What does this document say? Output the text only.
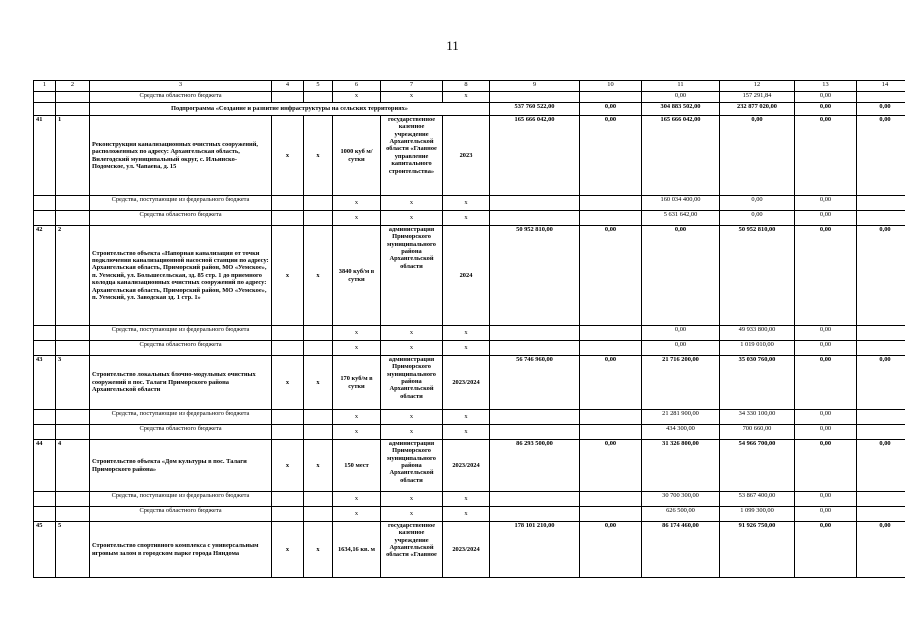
11
1	2	3	4	5	6	7	8	9	10	11	12	13	14
		Средства областного бюджета			x	x	x			0,00	157 291,84	0,00	
		Подпрограмма «Создание и развитие инфраструктуры на сельских территориях»						537 760 522,00	0,00	304 883 502,00	232 877 020,00	0,00	0,00
41	1	Реконструкция канализационных очистных сооружений, расположенных по адресу: Архангельская область, Вилегодский муниципальный округ, с. Ильинско-Подомское, ул. Чапаева, д. 15	x	x	1000 куб м/сутки	государственное казенное учреждение Архангельской области «Главное управление капитального строительства»	2023	165 666 042,00	0,00	165 666 042,00	0,00	0,00	0,00
		Средства, поступающие из федерального бюджета			x	x	x			160 034 400,00	0,00	0,00	
		Средства областного бюджета			x	x	x			5 631 642,00	0,00	0,00	
42	2	Строительство объекта «Напорная канализация от точки подключения канализационной насосной станции по адресу: Архангельская область, Приморский район, МО «Уемское», п. Уемский, ул. Большесельская, зд. 85 стр. 1 до приемного колодца канализационных очистных сооружений по адресу: Архангельская область, Приморский район, МО «Уемское», п. Уемский, ул. Заводская зд. 1 стр. 1»	x	x	3840 куб/м в сутки	администрация Приморского муниципального района Архангельской области	2024	50 952 810,00	0,00	0,00	50 952 810,00	0,00	0,00
		Средства, поступающие из федерального бюджета			x	x	x			0,00	49 933 800,00	0,00	
		Средства областного бюджета			x	x	x			0,00	1 019 010,00	0,00	
43	3	Строительство локальных блочно-модульных очистных сооружений в пос. Талаги Приморского района Архангельской области	x	x	170 куб/м в сутки	администрация Приморского муниципального района Архангельской области	2023/2024	56 746 960,00	0,00	21 716 200,00	35 030 760,00	0,00	0,00
		Средства, поступающие из федерального бюджета			x	x	x			21 281 900,00	34 330 100,00	0,00	
		Средства областного бюджета			x	x	x			434 300,00	700 660,00	0,00	
44	4	Строительство объекта «Дом культуры в пос. Талаги Приморского района»	x	x	150 мест	администрация Приморского муниципального района Архангельской области	2023/2024	86 293 500,00	0,00	31 326 800,00	54 966 700,00	0,00	0,00
		Средства, поступающие из федерального бюджета			x	x	x			30 700 300,00	53 867 400,00	0,00	
		Средства областного бюджета			x	x	x			626 500,00	1 099 300,00	0,00	
45	5	Строительство спортивного комплекса с универсальным игровым залом в городском парке города Няндома	x	x	1634,16 кв. м	государственное казенное учреждение Архангельской области «Главное	2023/2024	178 101 210,00	0,00	86 174 460,00	91 926 750,00	0,00	0,00
